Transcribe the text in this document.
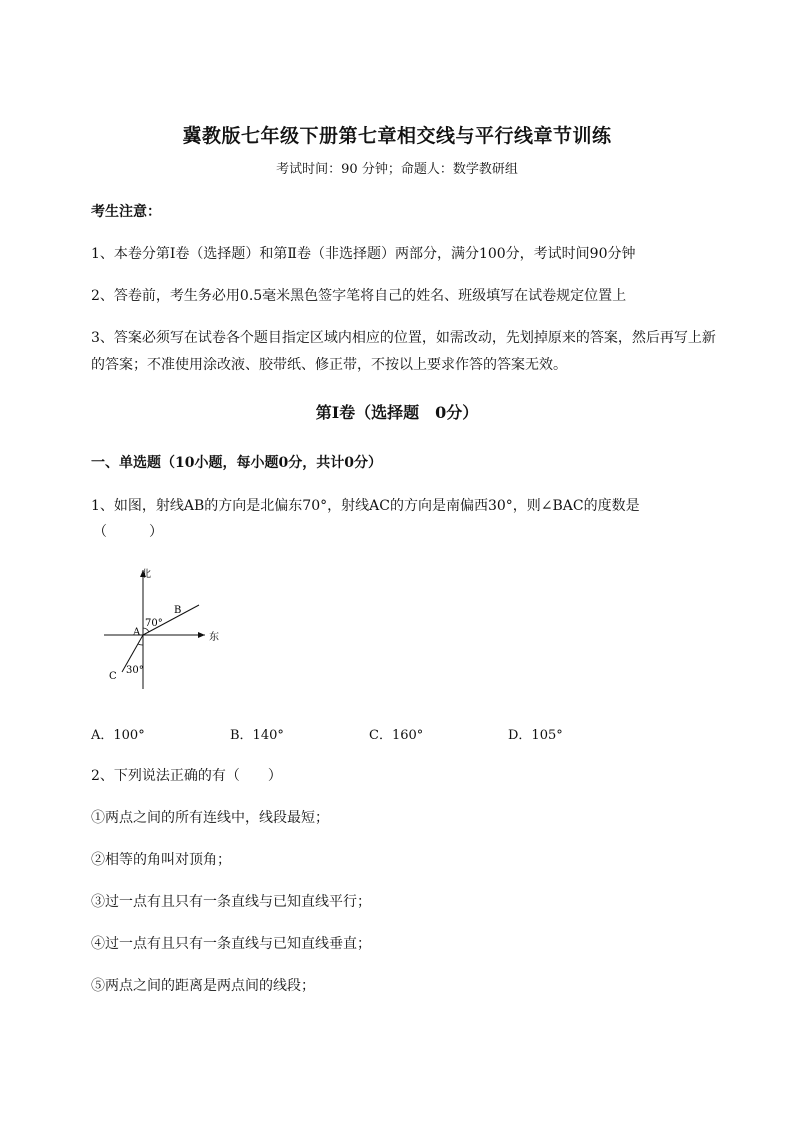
冀教版七年级下册第七章相交线与平行线章节训练
考试时间：90 分钟；命题人：数学教研组
考生注意：
1、本卷分第Ⅰ卷（选择题）和第Ⅱ卷（非选择题）两部分，满分100分，考试时间90分钟
2、答卷前，考生务必用0.5毫米黑色签字笔将自己的姓名、班级填写在试卷规定位置上
3、答案必须写在试卷各个题目指定区域内相应的位置，如需改动，先划掉原来的答案，然后再写上新
的答案；不准使用涂改液、胶带纸、修正带，不按以上要求作答的答案无效。
第Ⅰ卷（选择题　0分）
一、单选题（10小题，每小题0分，共计0分）
1、如图，射线AB的方向是北偏东70°，射线AC的方向是南偏西30°，则∠BAC的度数是
（　　　）
北
东
A
B
C
70°
30°
A．100°	B．140°	C．160°	D．105°
2、下列说法正确的有（　　）
①两点之间的所有连线中，线段最短；
②相等的角叫对顶角；
③过一点有且只有一条直线与已知直线平行；
④过一点有且只有一条直线与已知直线垂直；
⑤两点之间的距离是两点间的线段；
